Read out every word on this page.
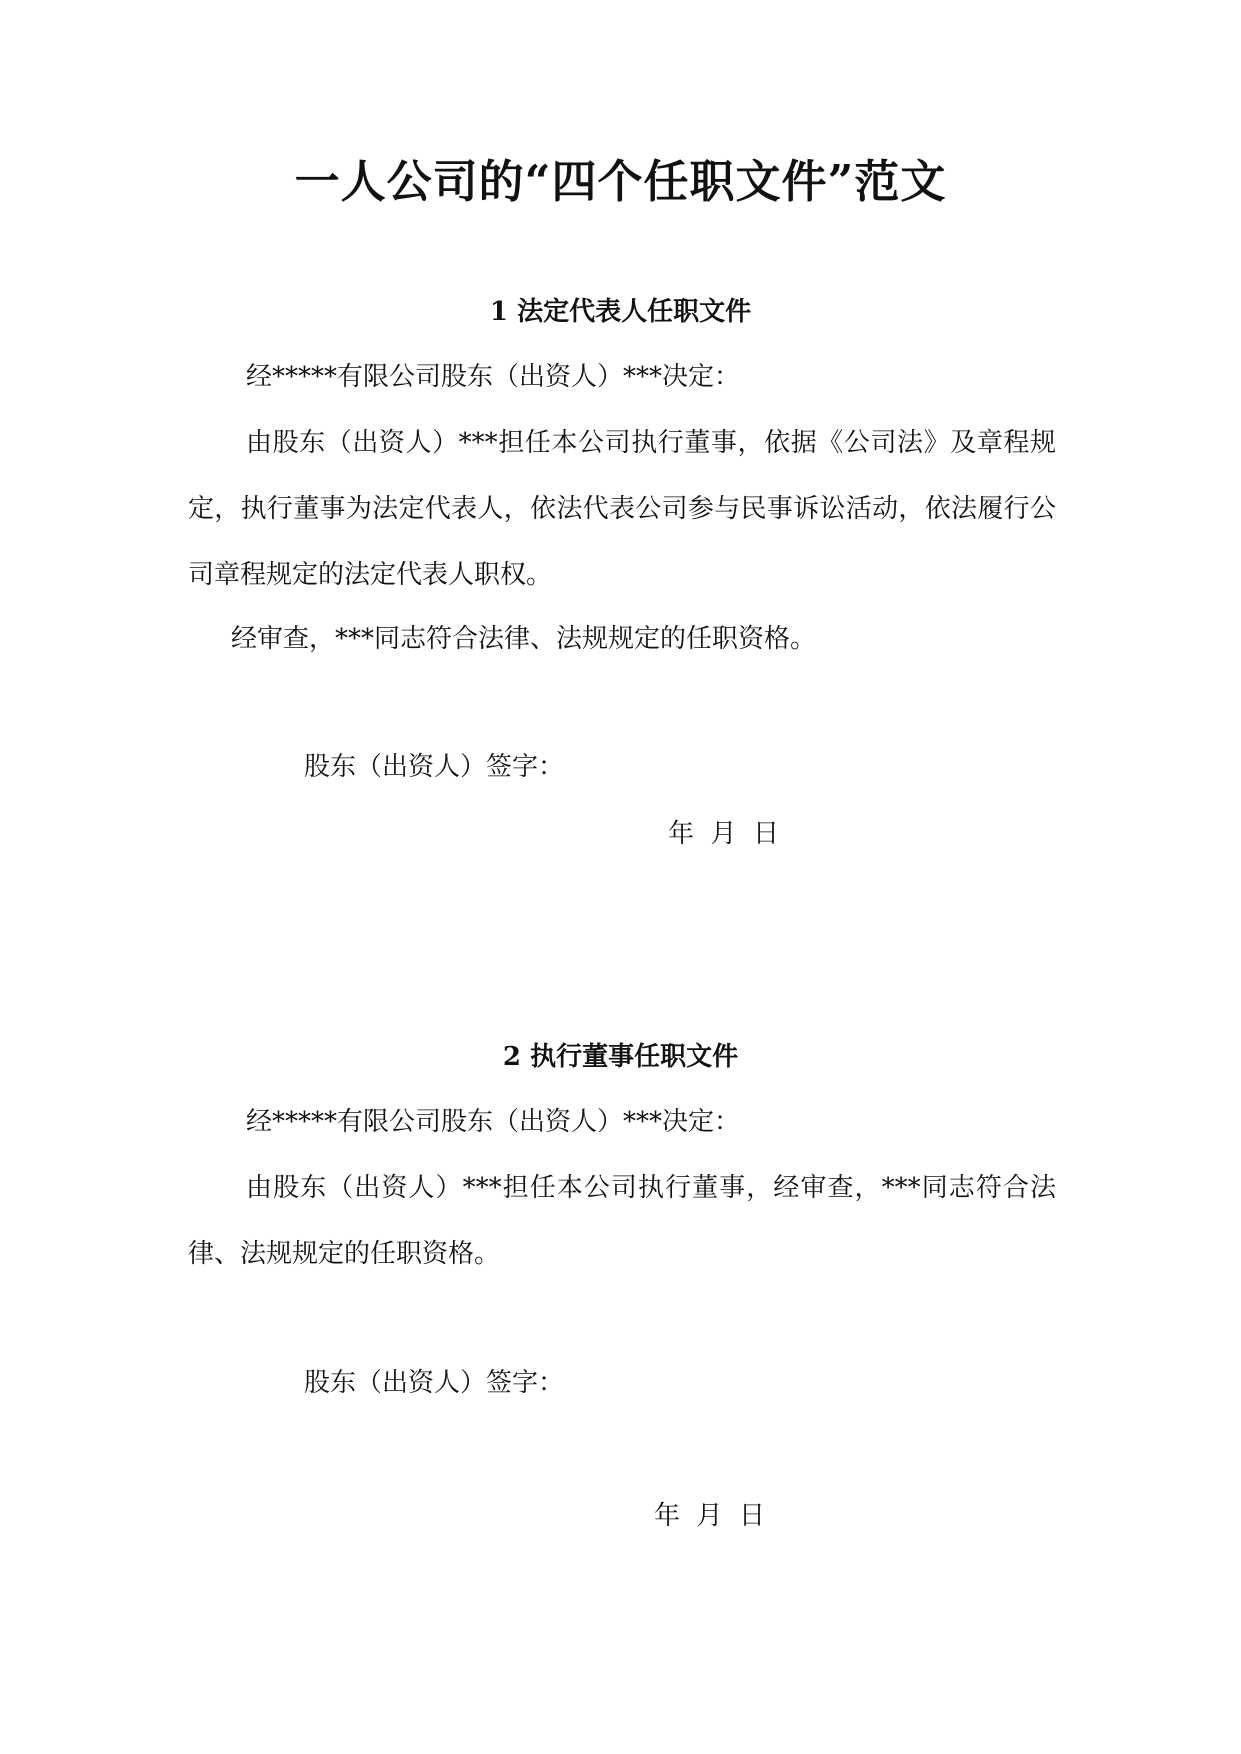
一人公司的“四个任职文件”范文
1 法定代表人任职文件

经*****有限公司股东（出资人）***决定：

由股东（出资人）***担任本公司执行董事，依据《公司法》及章程规定，执行董事为法定代表人，依法代表公司参与民事诉讼活动，依法履行公司章程规定的法定代表人职权。

经审查，***同志符合法律、法规规定的任职资格。

股东（出资人）签字：

年  月  日

2 执行董事任职文件

经*****有限公司股东（出资人）***决定：

由股东（出资人）***担任本公司执行董事，经审查，***同志符合法律、法规规定的任职资格。

股东（出资人）签字：

年  月  日
